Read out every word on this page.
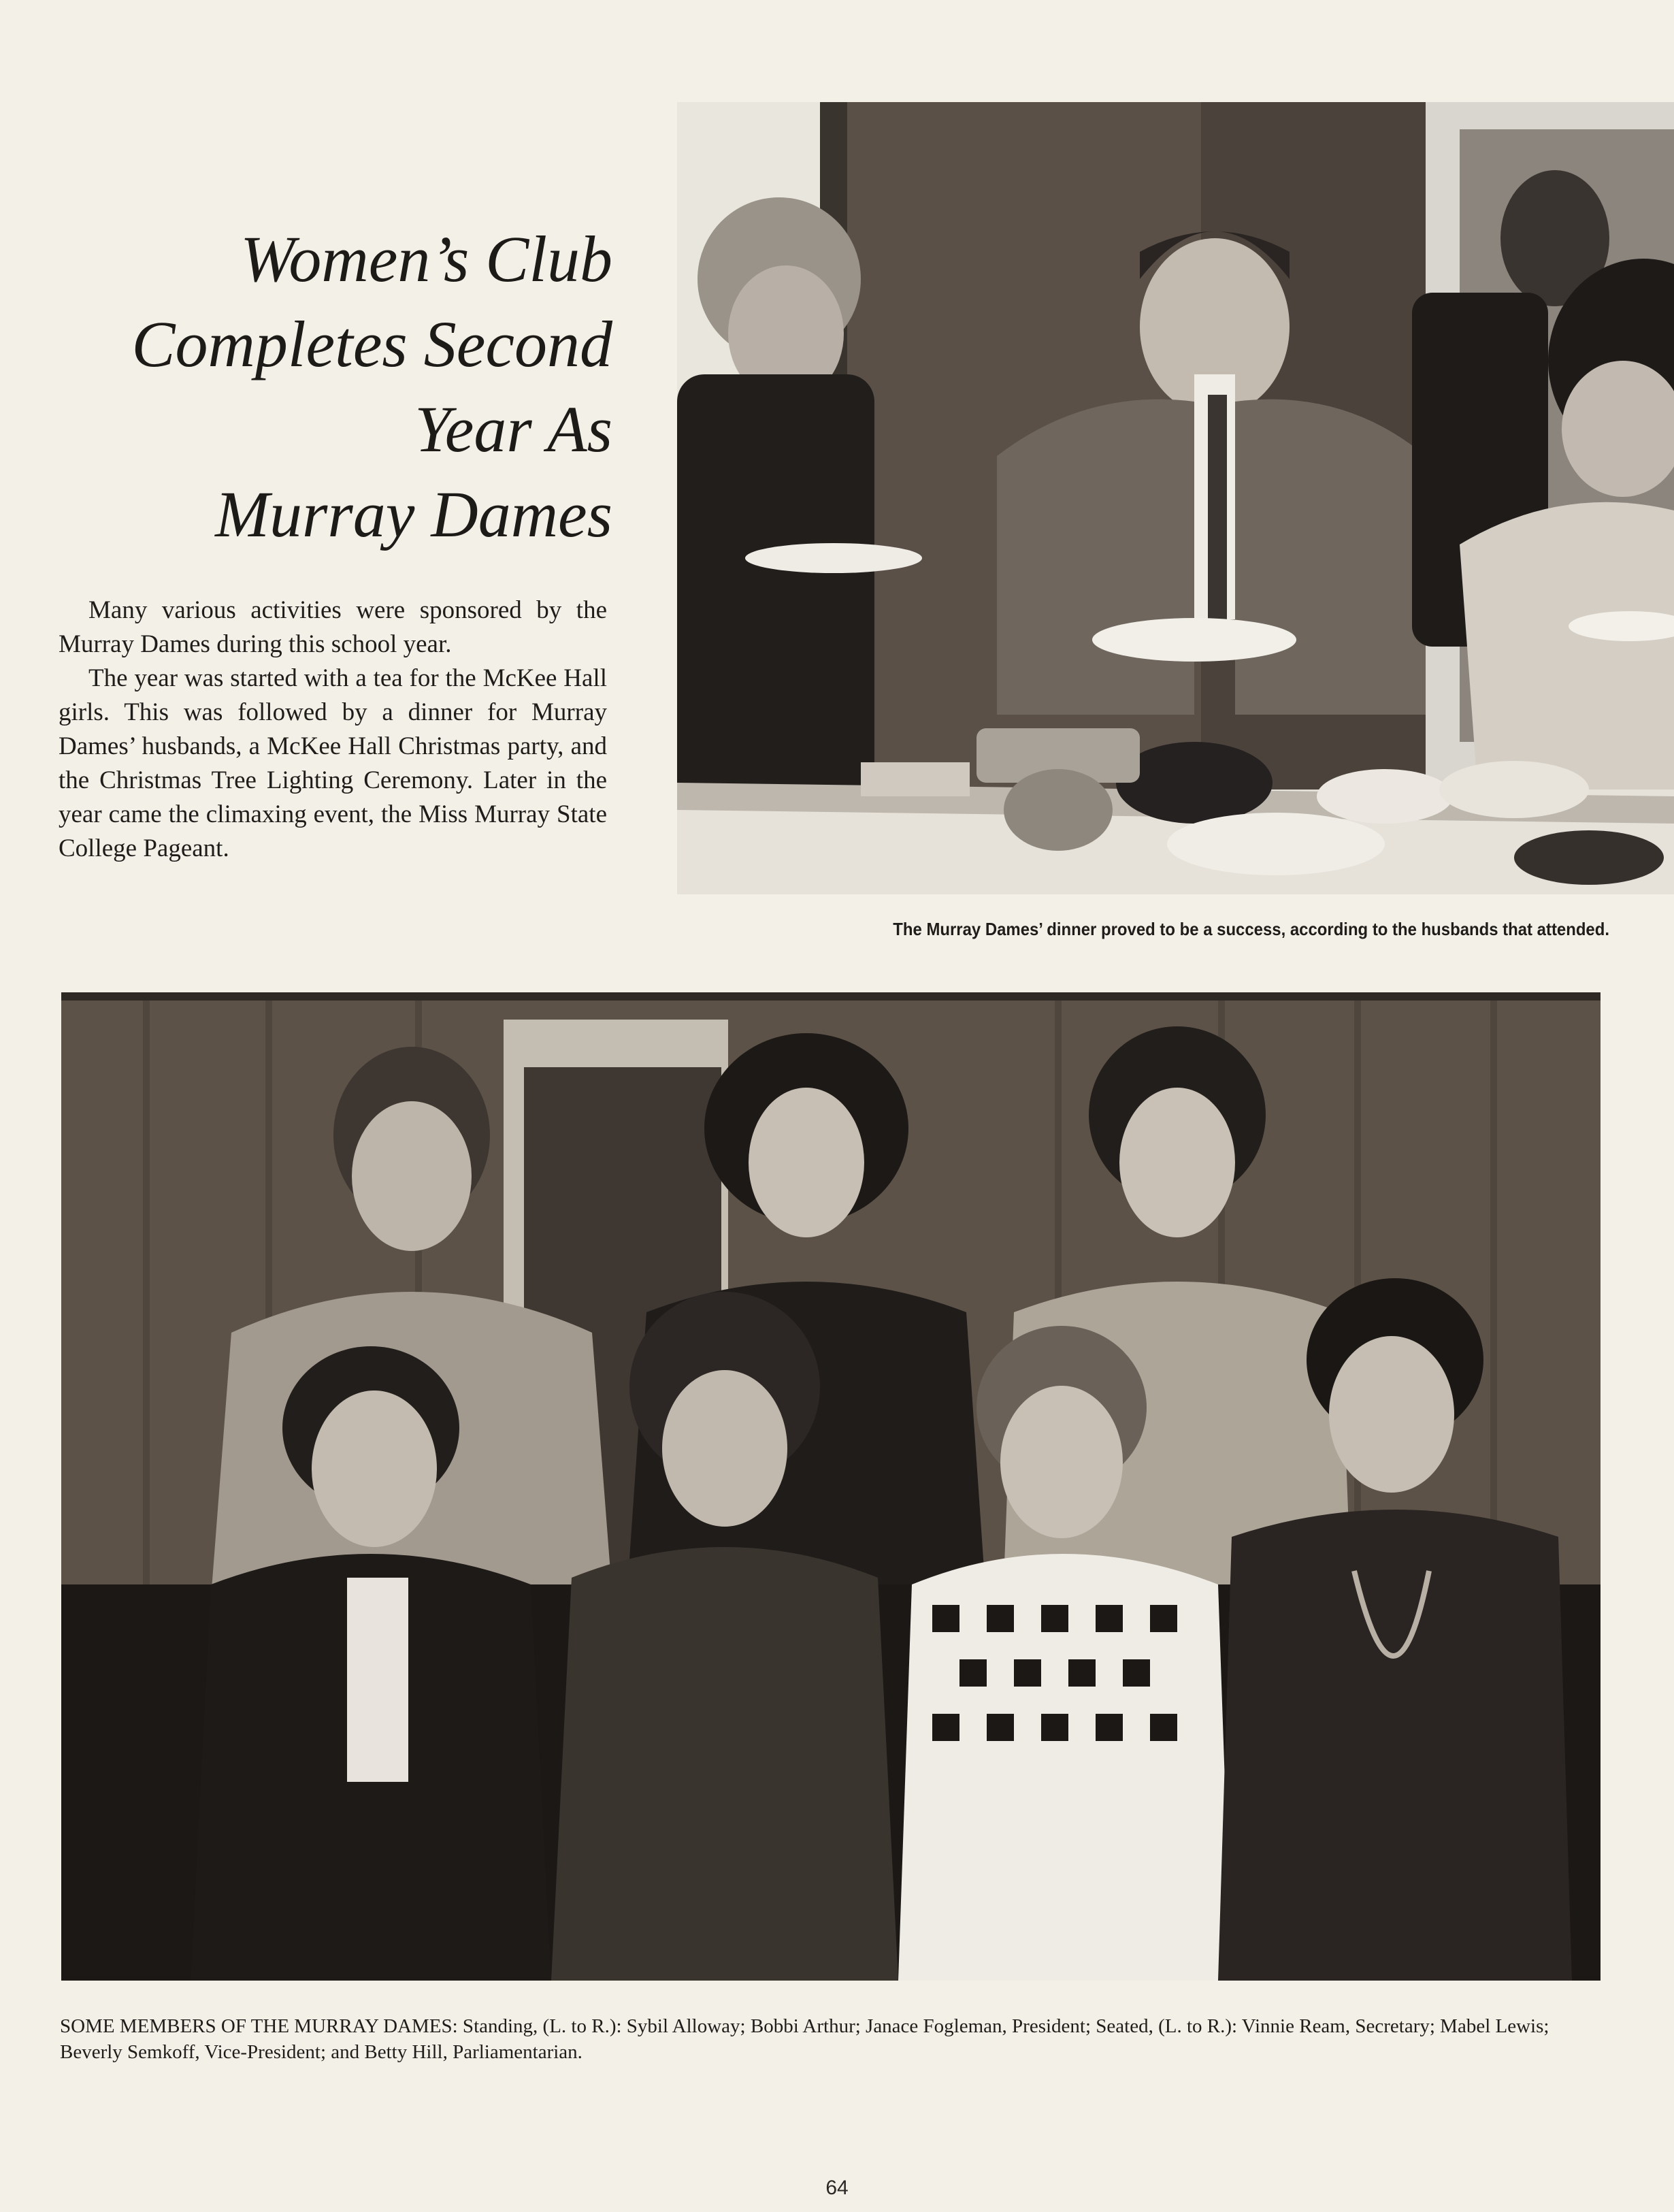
Women’s Club
Completes Second
Year As
Murray Dames

Many various activities were sponsored by the Murray Dames during this school year.

The year was started with a tea for the McKee Hall girls. This was followed by a dinner for Murray Dames’ husbands, a McKee Hall Christmas party, and the Christmas Tree Lighting Ceremony. Later in the year came the climaxing event, the Miss Murray State College Pageant.

The Murray Dames’ dinner proved to be a success, according to the husbands that attended.
SOME MEMBERS OF THE MURRAY DAMES: Standing, (L. to R.): Sybil Alloway; Bobbi Arthur; Janace Fogleman, President; Seated, (L. to R.): Vinnie Ream, Secretary; Mabel Lewis; Beverly Semkoff, Vice-President; and Betty Hill, Parliamentarian.
64
